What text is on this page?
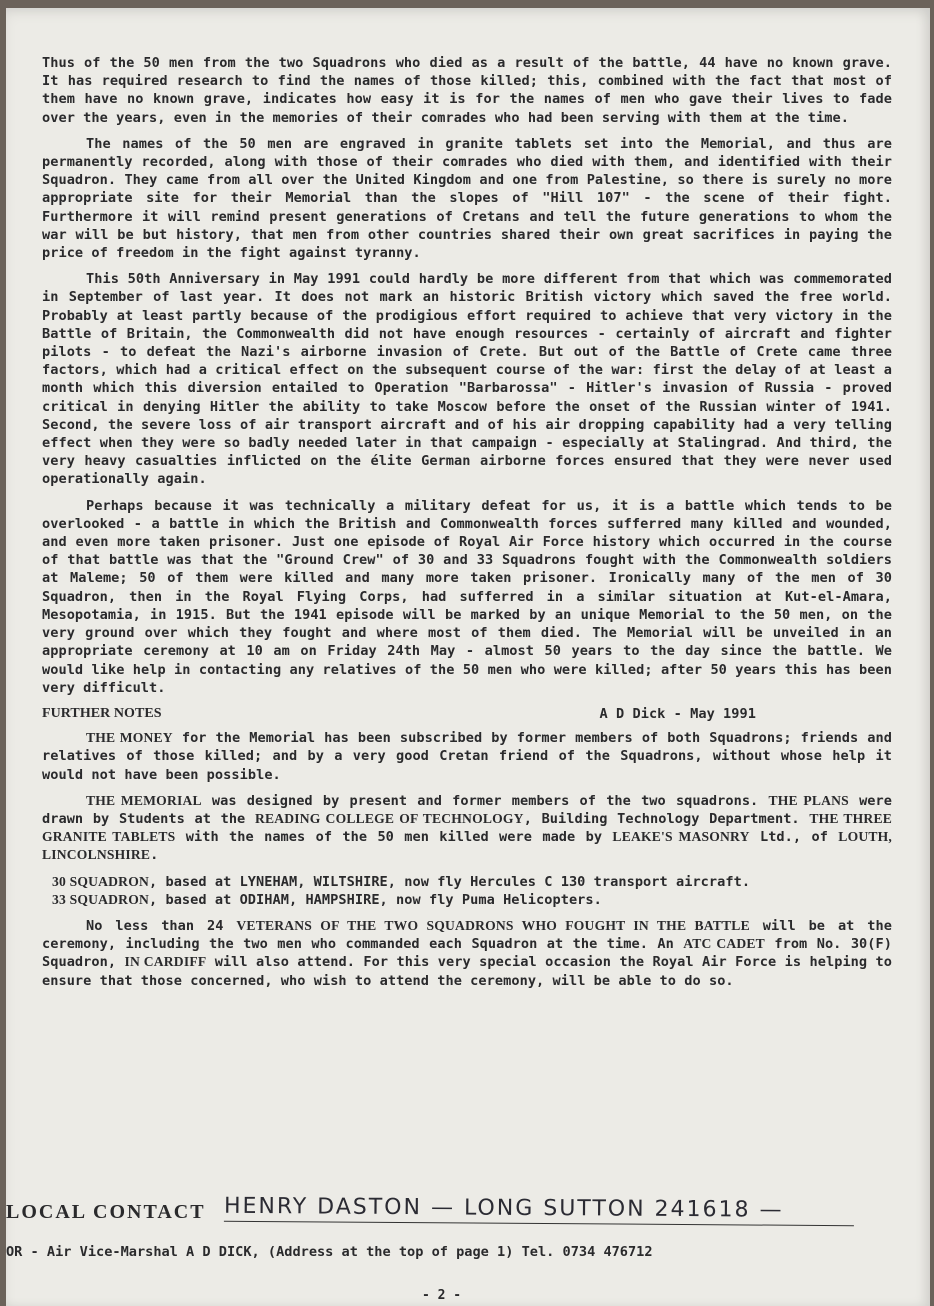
Thus of the 50 men from the two Squadrons who died as a result of the battle, 44 have no known grave. It has required research to find the names of those killed; this, combined with the fact that most of them have no known grave, indicates how easy it is for the names of men who gave their lives to fade over the years, even in the memories of their comrades who had been serving with them at the time.

The names of the 50 men are engraved in granite tablets set into the Memorial, and thus are permanently recorded, along with those of their comrades who died with them, and identified with their Squadron. They came from all over the United Kingdom and one from Palestine, so there is surely no more appropriate site for their Memorial than the slopes of "Hill 107" - the scene of their fight. Furthermore it will remind present generations of Cretans and tell the future generations to whom the war will be but history, that men from other countries shared their own great sacrifices in paying the price of freedom in the fight against tyranny.

This 50th Anniversary in May 1991 could hardly be more different from that which was commemorated in September of last year. It does not mark an historic British victory which saved the free world. Probably at least partly because of the prodigious effort required to achieve that very victory in the Battle of Britain, the Commonwealth did not have enough resources - certainly of aircraft and fighter pilots - to defeat the Nazi's airborne invasion of Crete. But out of the Battle of Crete came three factors, which had a critical effect on the subsequent course of the war: first the delay of at least a month which this diversion entailed to Operation "Barbarossa" - Hitler's invasion of Russia - proved critical in denying Hitler the ability to take Moscow before the onset of the Russian winter of 1941. Second, the severe loss of air transport aircraft and of his air dropping capability had a very telling effect when they were so badly needed later in that campaign - especially at Stalingrad. And third, the very heavy casualties inflicted on the élite German airborne forces ensured that they were never used operationally again.

Perhaps because it was technically a military defeat for us, it is a battle which tends to be overlooked - a battle in which the British and Commonwealth forces sufferred many killed and wounded, and even more taken prisoner. Just one episode of Royal Air Force history which occurred in the course of that battle was that the "Ground Crew" of 30 and 33 Squadrons fought with the Commonwealth soldiers at Maleme; 50 of them were killed and many more taken prisoner. Ironically many of the men of 30 Squadron, then in the Royal Flying Corps, had sufferred in a similar situation at Kut-el-Amara, Mesopotamia, in 1915. But the 1941 episode will be marked by an unique Memorial to the 50 men, on the very ground over which they fought and where most of them died. The Memorial will be unveiled in an appropriate ceremony at 10 am on Friday 24th May - almost 50 years to the day since the battle. We would like help in contacting any relatives of the 50 men who were killed; after 50 years this has been very difficult.

FURTHER NOTES	A D Dick - May 1991

THE MONEY for the Memorial has been subscribed by former members of both Squadrons; friends and relatives of those killed; and by a very good Cretan friend of the Squadrons, without whose help it would not have been possible.

THE MEMORIAL was designed by present and former members of the two squadrons. THE PLANS were drawn by Students at the READING COLLEGE OF TECHNOLOGY, Building Technology Department. THE THREE GRANITE TABLETS with the names of the 50 men killed were made by LEAKE'S MASONRY Ltd., of LOUTH, LINCOLNSHIRE.

30 SQUADRON, based at LYNEHAM, WILTSHIRE, now fly Hercules C 130 transport aircraft.
33 SQUADRON, based at ODIHAM, HAMPSHIRE, now fly Puma Helicopters.

No less than 24 VETERANS OF THE TWO SQUADRONS WHO FOUGHT IN THE BATTLE will be at the ceremony, including the two men who commanded each Squadron at the time. An ATC CADET from No. 30(F) Squadron, IN CARDIFF will also attend. For this very special occasion the Royal Air Force is helping to ensure that those concerned, who wish to attend the ceremony, will be able to do so.

LOCAL CONTACT HENRY DASTON — LONG SUTTON 241618 —
OR - Air Vice-Marshal A D DICK, (Address at the top of page 1) Tel. 0734 476712
- 2 -
